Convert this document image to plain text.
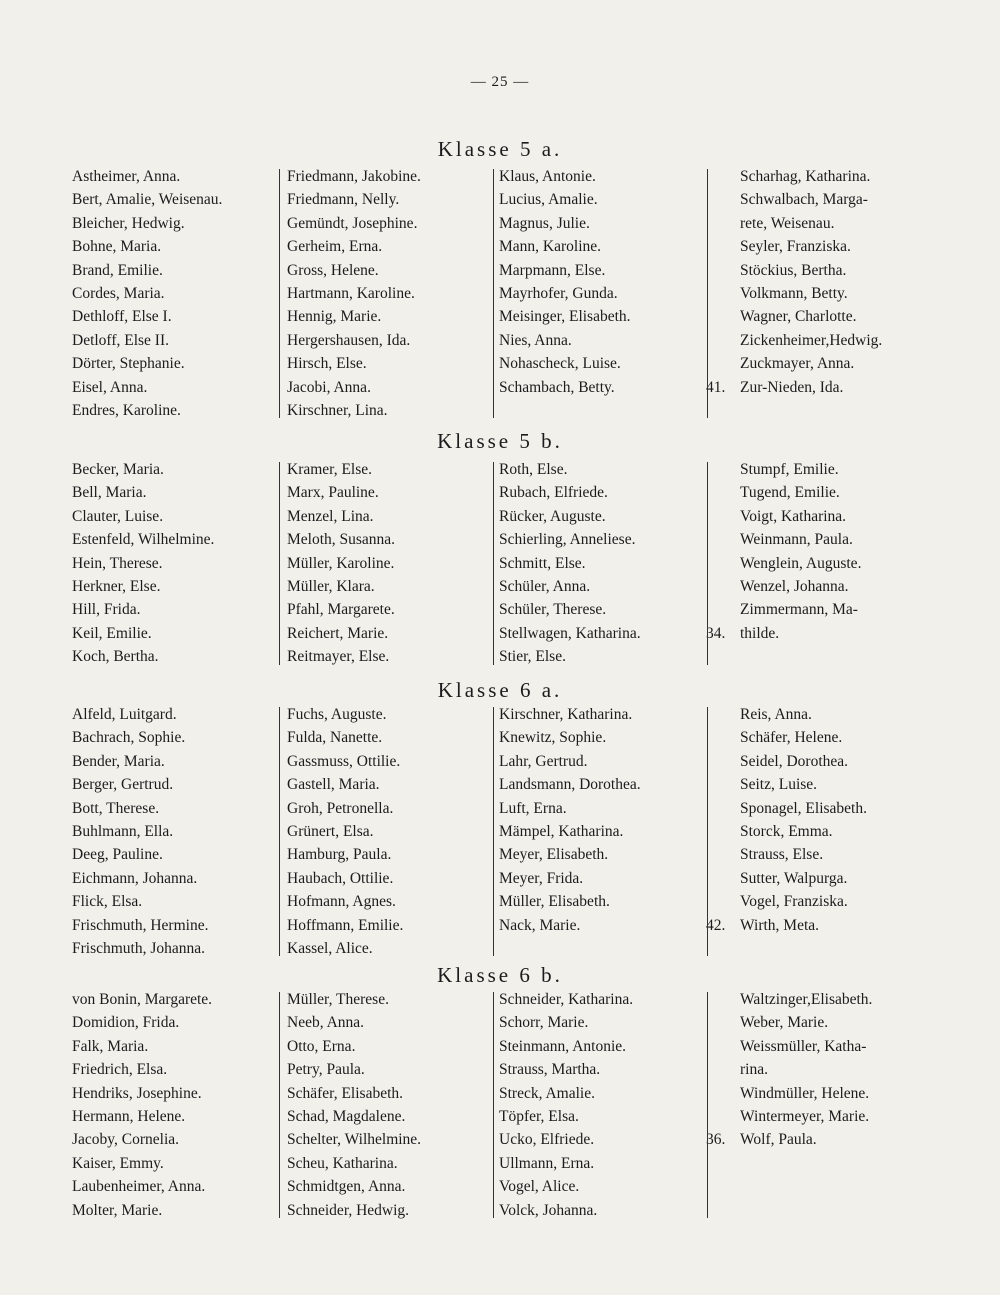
— 25 —
Klasse 5 a.
Astheimer, Anna.
Bert, Amalie, Weisenau.
Bleicher, Hedwig.
Bohne, Maria.
Brand, Emilie.
Cordes, Maria.
Dethloff, Else I.
Detloff, Else II.
Dörter, Stephanie.
Eisel, Anna.
Endres, Karoline.
Friedmann, Jakobine.
Friedmann, Nelly.
Gemündt, Josephine.
Gerheim, Erna.
Gross, Helene.
Hartmann, Karoline.
Hennig, Marie.
Hergershausen, Ida.
Hirsch, Else.
Jacobi, Anna.
Kirschner, Lina.
Klaus, Antonie.
Lucius, Amalie.
Magnus, Julie.
Mann, Karoline.
Marpmann, Else.
Mayrhofer, Gunda.
Meisinger, Elisabeth.
Nies, Anna.
Nohascheck, Luise.
Schambach, Betty.
Scharhag, Katharina.
Schwalbach, Marga-
rete, Weisenau.
Seyler, Franziska.
Stöckius, Bertha.
Volkmann, Betty.
Wagner, Charlotte.
Zickenheimer,Hedwig.
Zuckmayer, Anna.
41. Zur-Nieden, Ida.
Klasse 5 b.
Becker, Maria.
Bell, Maria.
Clauter, Luise.
Estenfeld, Wilhelmine.
Hein, Therese.
Herkner, Else.
Hill, Frida.
Keil, Emilie.
Koch, Bertha.
Kramer, Else.
Marx, Pauline.
Menzel, Lina.
Meloth, Susanna.
Müller, Karoline.
Müller, Klara.
Pfahl, Margarete.
Reichert, Marie.
Reitmayer, Else.
Roth, Else.
Rubach, Elfriede.
Rücker, Auguste.
Schierling, Anneliese.
Schmitt, Else.
Schüler, Anna.
Schüler, Therese.
Stellwagen, Katharina.
Stier, Else.
Stumpf, Emilie.
Tugend, Emilie.
Voigt, Katharina.
Weinmann, Paula.
Wenglein, Auguste.
Wenzel, Johanna.
Zimmermann, Ma-
34. thilde.
Klasse 6 a.
Alfeld, Luitgard.
Bachrach, Sophie.
Bender, Maria.
Berger, Gertrud.
Bott, Therese.
Buhlmann, Ella.
Deeg, Pauline.
Eichmann, Johanna.
Flick, Elsa.
Frischmuth, Hermine.
Frischmuth, Johanna.
Fuchs, Auguste.
Fulda, Nanette.
Gassmuss, Ottilie.
Gastell, Maria.
Groh, Petronella.
Grünert, Elsa.
Hamburg, Paula.
Haubach, Ottilie.
Hofmann, Agnes.
Hoffmann, Emilie.
Kassel, Alice.
Kirschner, Katharina.
Knewitz, Sophie.
Lahr, Gertrud.
Landsmann, Dorothea.
Luft, Erna.
Mämpel, Katharina.
Meyer, Elisabeth.
Meyer, Frida.
Müller, Elisabeth.
Nack, Marie.
Reis, Anna.
Schäfer, Helene.
Seidel, Dorothea.
Seitz, Luise.
Sponagel, Elisabeth.
Storck, Emma.
Strauss, Else.
Sutter, Walpurga.
Vogel, Franziska.
42. Wirth, Meta.
Klasse 6 b.
von Bonin, Margarete.
Domidion, Frida.
Falk, Maria.
Friedrich, Elsa.
Hendriks, Josephine.
Hermann, Helene.
Jacoby, Cornelia.
Kaiser, Emmy.
Laubenheimer, Anna.
Molter, Marie.
Müller, Therese.
Neeb, Anna.
Otto, Erna.
Petry, Paula.
Schäfer, Elisabeth.
Schad, Magdalene.
Schelter, Wilhelmine.
Scheu, Katharina.
Schmidtgen, Anna.
Schneider, Hedwig.
Schneider, Katharina.
Schorr, Marie.
Steinmann, Antonie.
Strauss, Martha.
Streck, Amalie.
Töpfer, Elsa.
Ucko, Elfriede.
Ullmann, Erna.
Vogel, Alice.
Volck, Johanna.
Waltzinger,Elisabeth.
Weber, Marie.
Weissmüller, Katha-
rina.
Windmüller, Helene.
Wintermeyer, Marie.
36. Wolf, Paula.
